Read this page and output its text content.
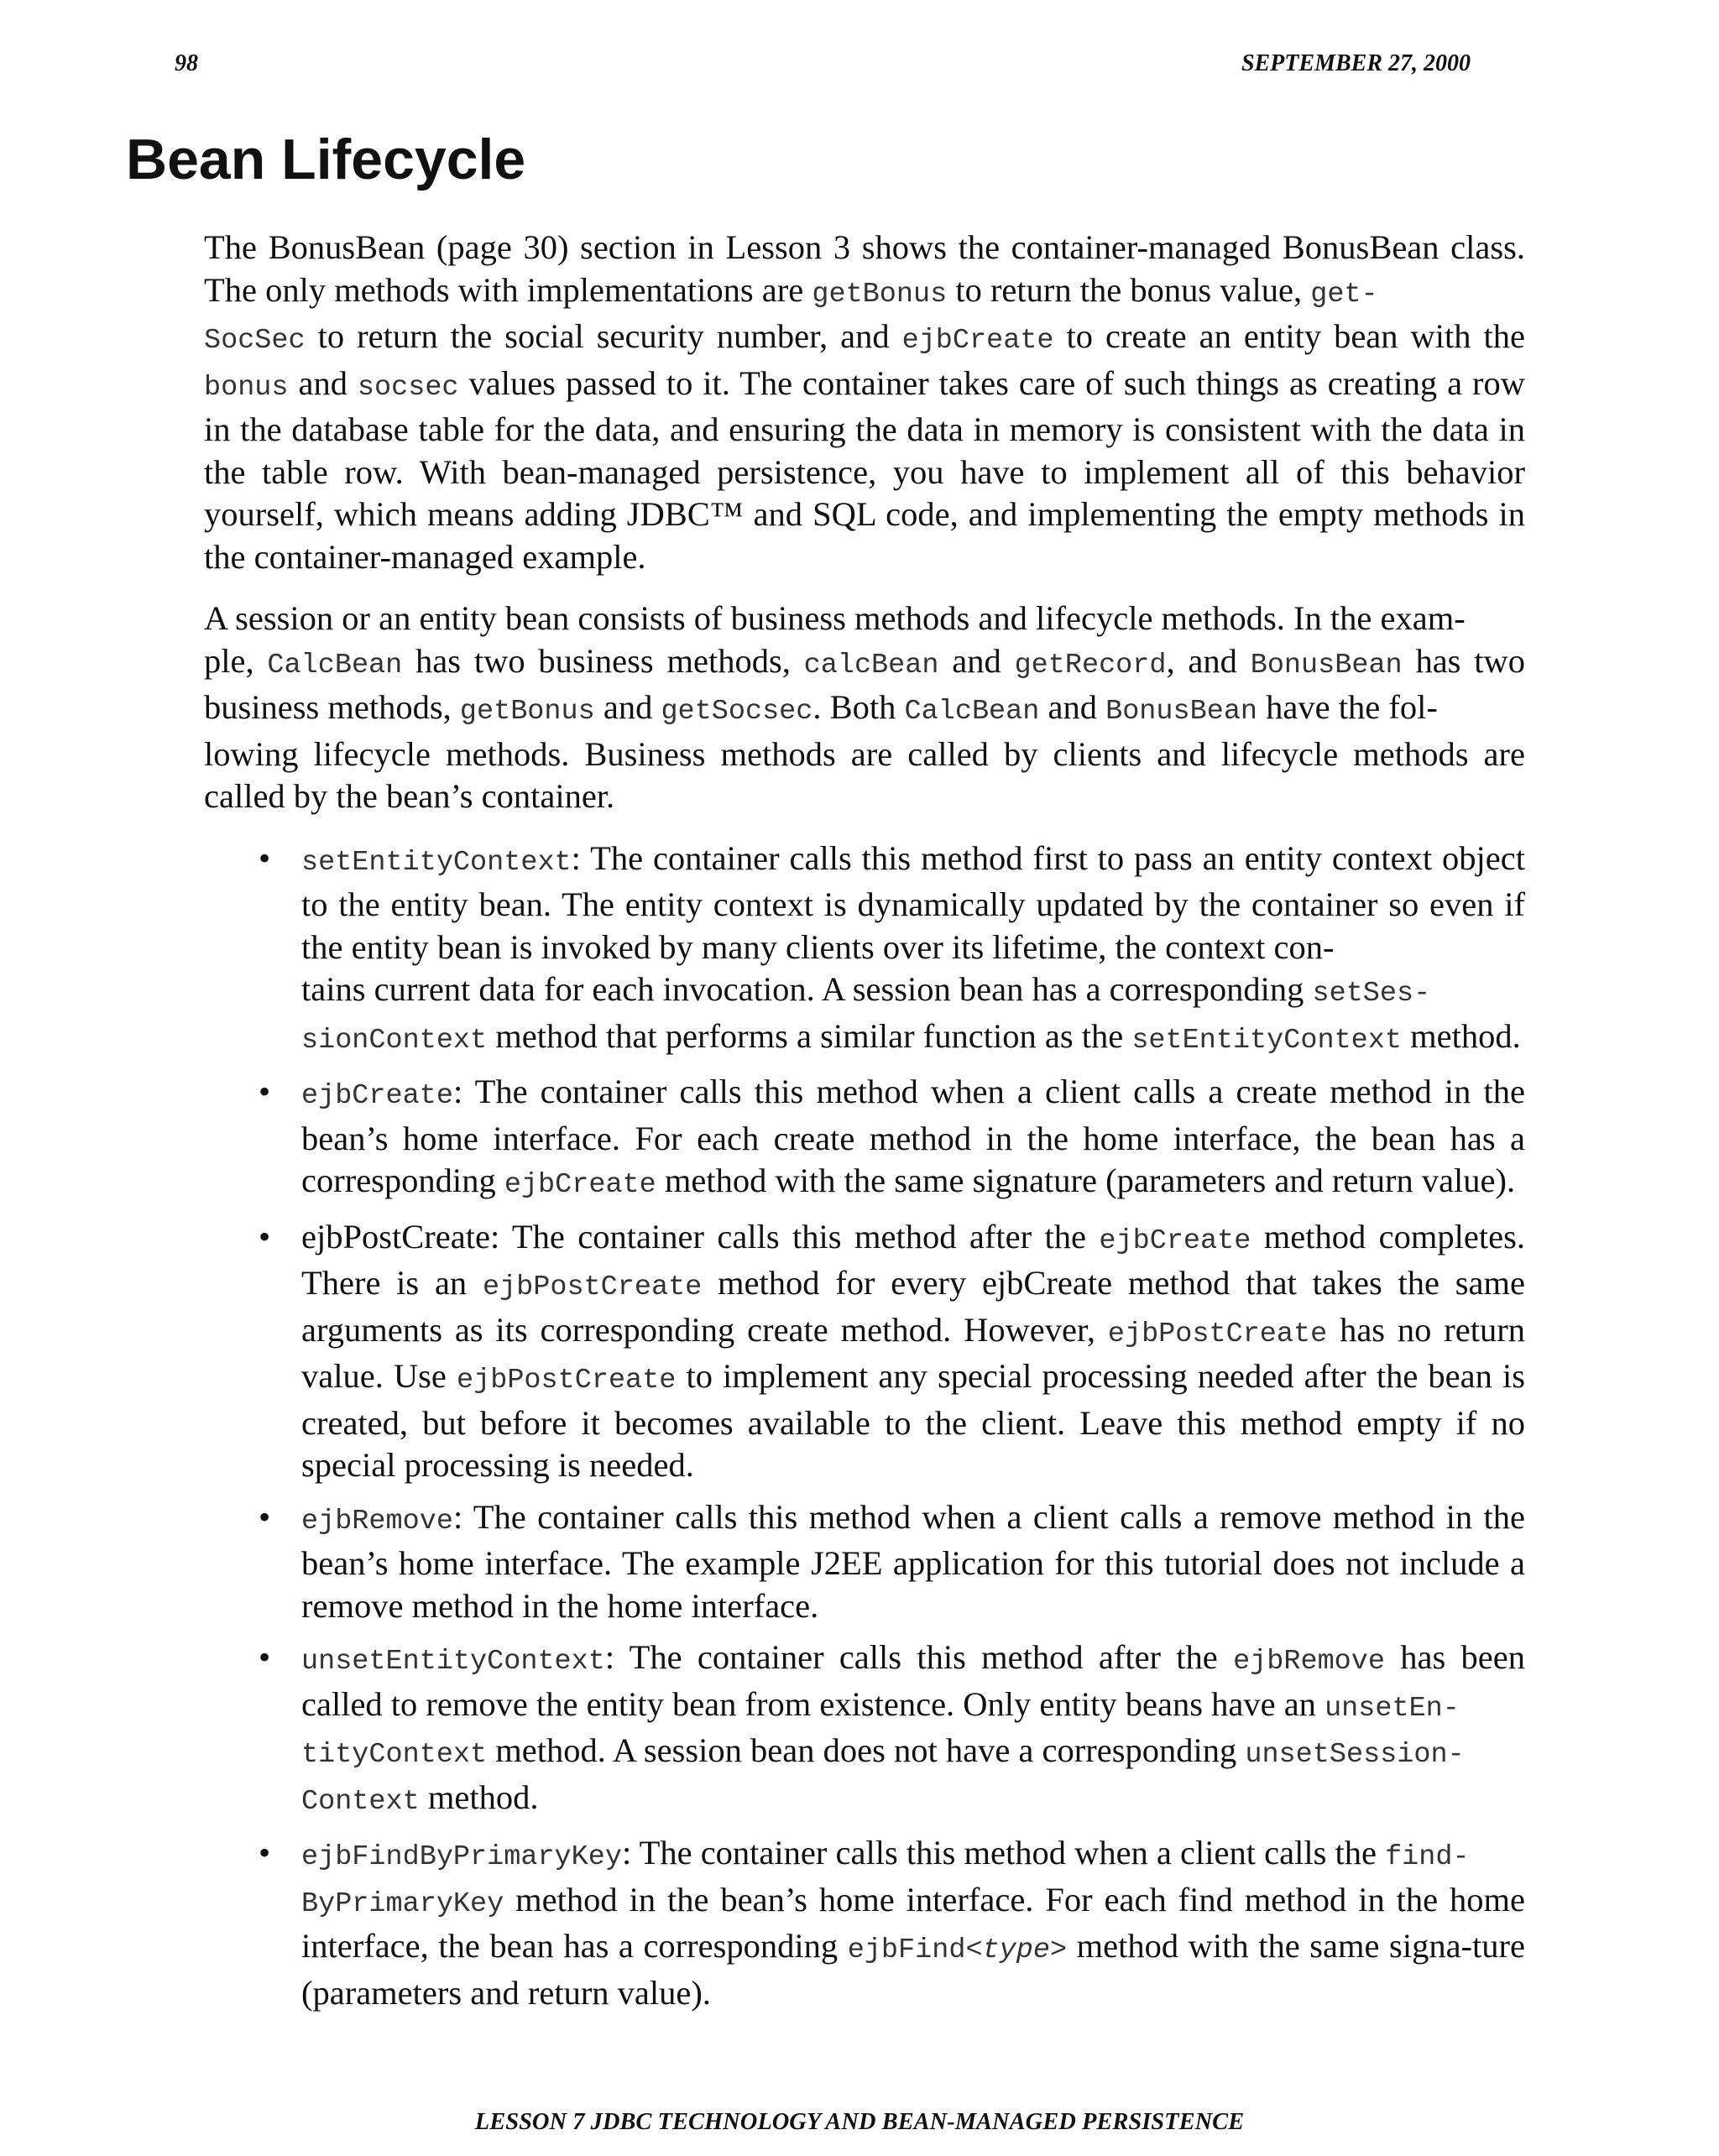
98	SEPTEMBER 27, 2000
Bean Lifecycle

The BonusBean (page 30) section in Lesson 3 shows the container-managed BonusBean class. The only methods with implementations are getBonus to return the bonus value, get-
SocSec to return the social security number, and ejbCreate to create an entity bean with the bonus and socsec values passed to it. The container takes care of such things as creating a row in the database table for the data, and ensuring the data in memory is consistent with the data in the table row. With bean-managed persistence, you have to implement all of this behavior yourself, which means adding JDBC™ and SQL code, and implementing the empty methods in the container-managed example.

A session or an entity bean consists of business methods and lifecycle methods. In the exam-
ple, CalcBean has two business methods, calcBean and getRecord, and BonusBean has two business methods, getBonus and getSocsec. Both CalcBean and BonusBean have the fol-
lowing lifecycle methods. Business methods are called by clients and lifecycle methods are called by the bean’s container.

• setEntityContext: The container calls this method first to pass an entity context object to the entity bean. The entity context is dynamically updated by the container so even if the entity bean is invoked by many clients over its lifetime, the context con-
tains current data for each invocation. A session bean has a corresponding setSes-
sionContext method that performs a similar function as the setEntityContext method.
• ejbCreate: The container calls this method when a client calls a create method in the bean’s home interface. For each create method in the home interface, the bean has a corresponding ejbCreate method with the same signature (parameters and return value).
• ejbPostCreate: The container calls this method after the ejbCreate method completes. There is an ejbPostCreate method for every ejbCreate method that takes the same arguments as its corresponding create method. However, ejbPostCreate has no return value. Use ejbPostCreate to implement any special processing needed after the bean is created, but before it becomes available to the client. Leave this method empty if no special processing is needed.
• ejbRemove: The container calls this method when a client calls a remove method in the bean’s home interface. The example J2EE application for this tutorial does not include a remove method in the home interface.
• unsetEntityContext: The container calls this method after the ejbRemove has been called to remove the entity bean from existence. Only entity beans have an unsetEn-
tityContext method. A session bean does not have a corresponding unsetSession-
Context method.
• ejbFindByPrimaryKey: The container calls this method when a client calls the find-
ByPrimaryKey method in the bean’s home interface. For each find method in the home interface, the bean has a corresponding ejbFind<type> method with the same signa-ture (parameters and return value).
LESSON 7 JDBC TECHNOLOGY AND BEAN-MANAGED PERSISTENCE
